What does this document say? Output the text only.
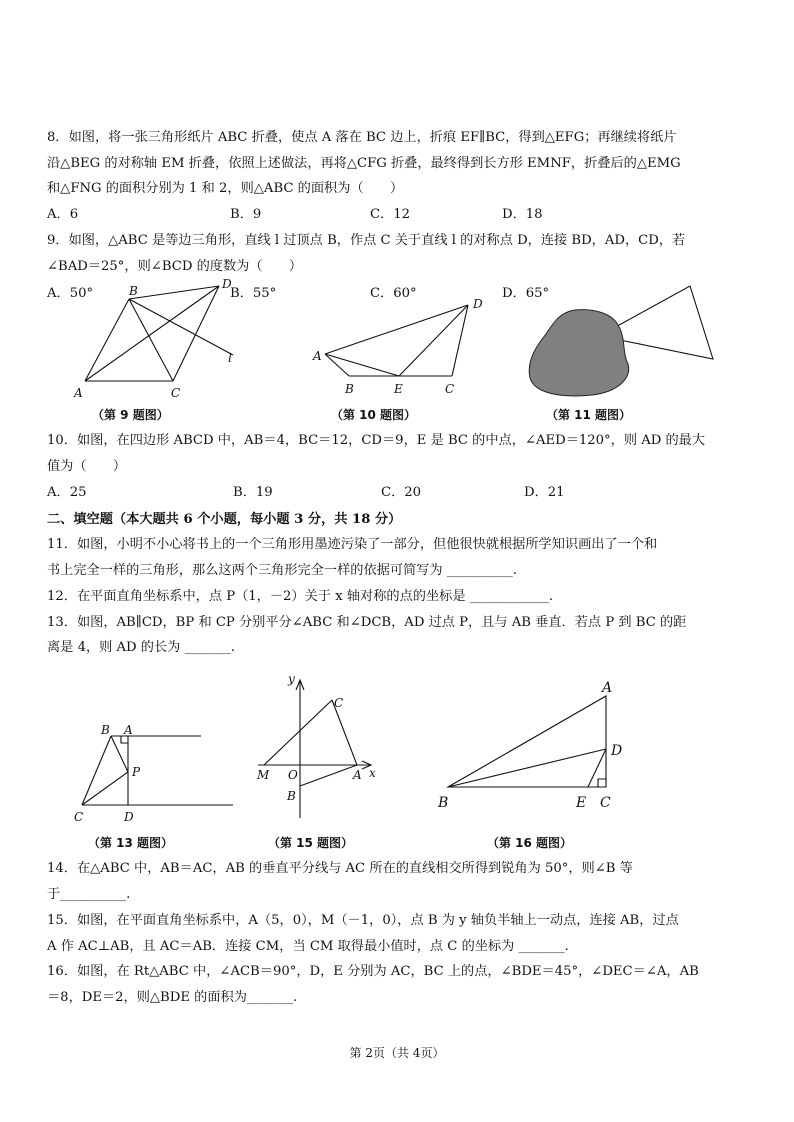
8．如图，将一张三角形纸片 ABC 折叠，使点 A 落在 BC 边上，折痕 EF∥BC，得到△EFG；再继续将纸片
沿△BEG 的对称轴 EM 折叠，依照上述做法，再将△CFG 折叠，最终得到长方形 EMNF，折叠后的△EMG
和△FNG 的面积分别为 1 和 2，则△ABC 的面积为（　　）
A．6	B．9	C．12	D．18
9．如图，△ABC 是等边三角形，直线 l 过顶点 B，作点 C 关于直线 l 的对称点 D，连接 BD，AD，CD，若
∠BAD＝25°，则∠BCD 的度数为（　　）
A．50°	B．55°	C．60°	D．65°
A
B
C
D
l
（第 9 题图）
A
B	E	C
D
（第 10 题图）	（第 11 题图）
10．如图，在四边形 ABCD 中，AB＝4，BC＝12，CD＝9，E 是 BC 的中点，∠AED＝120°，则 AD 的最大
值为（　　）
A．25	B．19	C．20	D．21
二、填空题（本大题共 6 个小题，每小题 3 分，共 18 分）
11．如图，小明不小心将书上的一个三角形用墨迹污染了一部分，但他很快就根据所学知识画出了一个和
书上完全一样的三角形，那么这两个三角形完全一样的依据可简写为 __________.
12．在平面直角坐标系中，点 P（1，－2）关于 x 轴对称的点的坐标是 ____________.
13．如图，AB∥CD，BP 和 CP 分别平分∠ABC 和∠DCB，AD 过点 P，且与 AB 垂直．若点 P 到 BC 的距
离是 4，则 AD 的长为 _______.
B A
P
C	D
（第 13 题图）
y
x
C
M O	A
B
（第 15 题图）
A
B	E C
D
（第 16 题图）
14．在△ABC 中，AB＝AC，AB 的垂直平分线与 AC 所在的直线相交所得到锐角为 50°，则∠B 等
于__________.
15．如图，在平面直角坐标系中，A（5，0），M（－1，0），点 B 为 y 轴负半轴上一动点，连接 AB，过点
A 作 AC⊥AB，且 AC＝AB．连接 CM，当 CM 取得最小值时，点 C 的坐标为 _______.
16．如图，在 Rt△ABC 中，∠ACB＝90°，D，E 分别为 AC，BC 上的点，∠BDE＝45°，∠DEC＝∠A，AB
＝8，DE＝2，则△BDE 的面积为_______.
第 2页（共 4页）
